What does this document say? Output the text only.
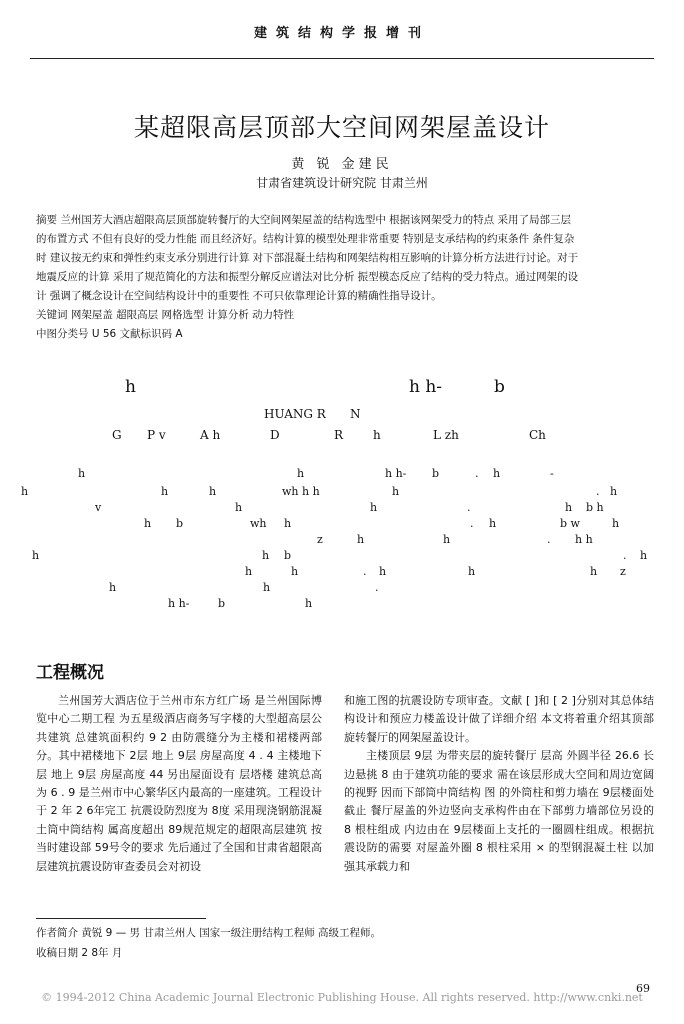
建筑结构学报增刊
某超限高层顶部大空间网架屋盖设计
黄 锐 金建民
甘肃省建筑设计研究院 甘肃兰州
摘要 兰州国芳大酒店超限高层顶部旋转餐厅的大空间网架屋盖的结构选型中 根据该网架受力的特点 采用了局部三层
的布置方式 不但有良好的受力性能 而且经济好。结构计算的模型处理非常重要 特别是支承结构的约束条件 条件复杂
时 建议按无约束和弹性约束支承分别进行计算 对下部混凝土结构和网架结构相互影响的计算分析方法进行讨论。对于
地震反应的计算 采用了规范简化的方法和振型分解反应谱法对比分析 振型模态反应了结构的受力特点。通过网架的设
计 强调了概念设计在空间结构设计中的重要性 不可只依靠理论计算的精确性指导设计。
关键词 网架屋盖 超限高层 网格选型 计算分析 动力特性
中图分类号 U 56 文献标识码 A
h	h h-	b
HUANG R N
G P v	A h	D	R h	L zh	Ch
h	h	h h- b	. h	-
h	h	h	wh h h	h	. h
v	h	h	.	h b h
h b	wh h	. h	b w	h
z	h	h	. h h
h	h b	. h
h	h	. h	h	h z
h	h	.
h h-	b	h
工程概况

兰州国芳大酒店位于兰州市东方红广场 是兰州国际博览中心二期工程 为五星级酒店商务写字楼的大型超高层公共建筑 总建筑面积约 9 2 由防震缝分为主楼和裙楼两部分。其中裙楼地下 2层 地上 9层 房屋高度 4 . 4 主楼地下 层 地上 9层 房屋高度 44 另出屋面设有 层塔楼 建筑总高为 6 . 9 是兰州市中心繁华区内最高的一座建筑。工程设计于 2 年 2 6年完工 抗震设防烈度为 8度 采用现浇钢筋混凝土筒中筒结构 属高度超出 89规范规定的超限高层建筑 按当时建设部 59号令的要求 先后通过了全国和甘肃省超限高层建筑抗震设防审查委员会对初设

和施工图的抗震设防专项审查。文献 [ ]和 [ 2 ]分别对其总体结构设计和预应力楼盖设计做了详细介绍 本文将着重介绍其顶部旋转餐厅的网架屋盖设计。

主楼顶层 9层 为带夹层的旋转餐厅 层高 外圆半径 26.6 长边悬挑 8 由于建筑功能的要求 需在该层形成大空间和周边宽阔的视野 因而下部筒中筒结构 图 的外筒柱和剪力墙在 9层楼面处截止 餐厅屋盖的外边竖向支承构件由在下部剪力墙部位另设的 8 根柱组成 内边由在 9层楼面上支托的一圈圆柱组成。根据抗震设防的需要 对屋盖外圈 8 根柱采用 × 的型钢混凝土柱 以加强其承载力和

作者简介 黄锐 9 — 男 甘肃兰州人 国家一级注册结构工程师 高级工程师。
收稿日期 2 8年 月
69
© 1994-2012 China Academic Journal Electronic Publishing House. All rights reserved. http://www.cnki.net
